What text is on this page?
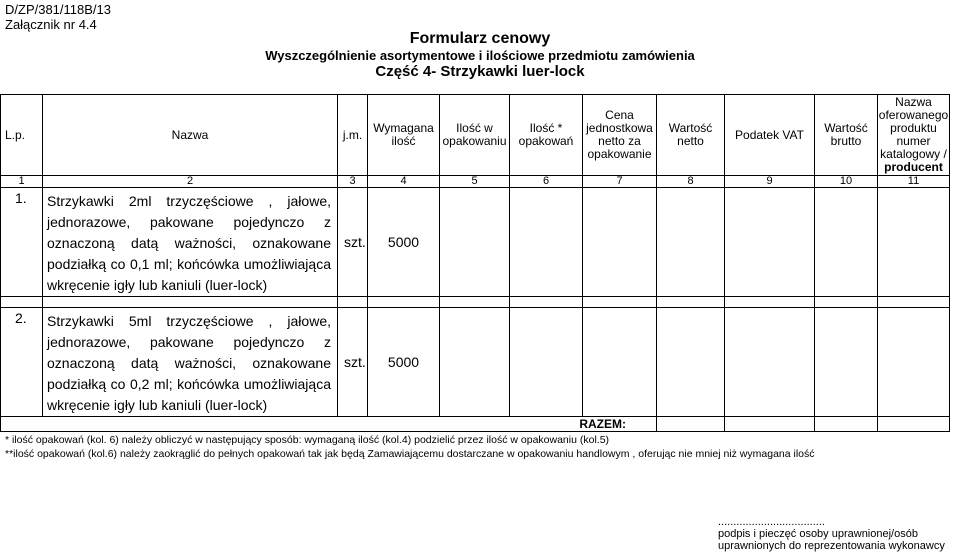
D/ZP/381/118B/13
Załącznik nr 4.4
Formularz cenowy
Wyszczególnienie asortymentowe i ilościowe przedmiotu zamówienia
Część 4- Strzykawki luer-lock
L.p.	Nazwa	j.m.	Wymagana ilość	Ilość w opakowaniu	Ilość * opakowań	Cena jednostkowa netto za opakowanie	Wartość netto	Podatek VAT	Wartość brutto	Nazwa oferowanego produktu numer katalogowy /
producent
1	2	3	4	5	6	7	8	9	10	11
1.	Strzykawki 2ml trzyczęściowe , jałowe, jednorazowe, pakowane pojedynczo z oznaczoną datą ważności, oznakowane podziałką co 0,1 ml; końcówka umożliwiająca wkręcenie igły lub kaniuli (luer-lock)	szt.	5000							

2.	Strzykawki 5ml trzyczęściowe , jałowe, jednorazowe, pakowane pojedynczo z oznaczoną datą ważności, oznakowane podziałką co 0,2 ml; końcówka umożliwiająca wkręcenie igły lub kaniuli (luer-lock)	szt.	5000							
RAZEM:										
* ilość opakowań (kol. 6) należy obliczyć w następujący sposób: wymaganą ilość (kol.4) podzielić przez ilość w opakowaniu (kol.5)
**ilość opakowań (kol.6) należy zaokrąglić do pełnych opakowań tak jak będą Zamawiającemu dostarczane w opakowaniu handlowym , oferując nie mniej niż wymagana ilość
...................................
podpis i pieczęć osoby uprawnionej/osób
uprawnionych do reprezentowania wykonawcy
